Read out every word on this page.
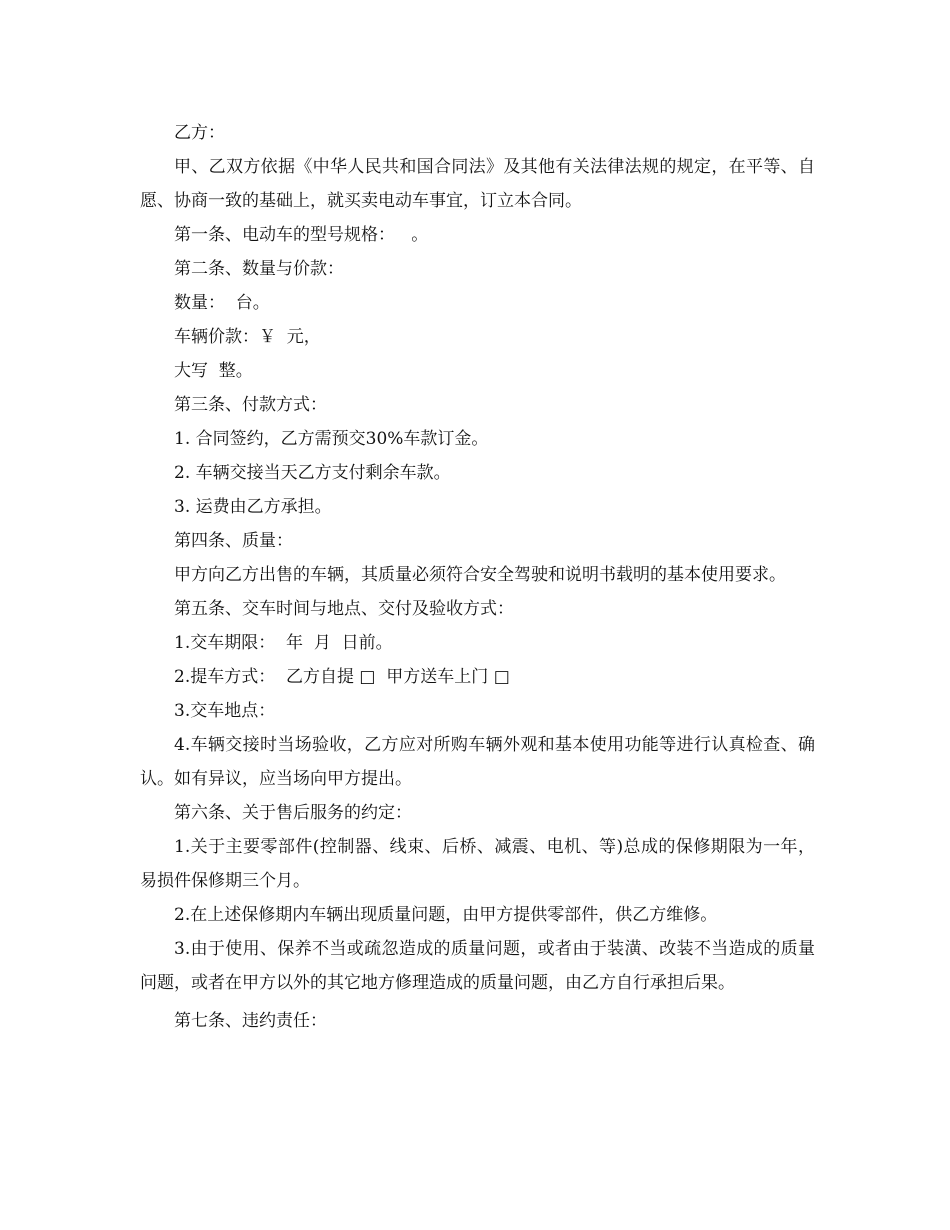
乙方：

甲、乙双方依据《中华人民共和国合同法》及其他有关法律法规的规定，在平等、自愿、协商一致的基础上，就买卖电动车事宜，订立本合同。

第一条、电动车的型号规格：   。

第二条、数量与价款：

数量：  台。

车辆价款：￥  元，

大写  整。

第三条、付款方式：

1. 合同签约，乙方需预交30%车款订金。

2. 车辆交接当天乙方支付剩余车款。

3. 运费由乙方承担。

第四条、质量：

甲方向乙方出售的车辆，其质量必须符合安全驾驶和说明书载明的基本使用要求。

第五条、交车时间与地点、交付及验收方式：

1.交车期限：  年  月  日前。

2.提车方式：  乙方自提 □  甲方送车上门 □

3.交车地点：

4.车辆交接时当场验收，乙方应对所购车辆外观和基本使用功能等进行认真检查、确认。如有异议，应当场向甲方提出。

第六条、关于售后服务的约定：

1.关于主要零部件(控制器、线束、后桥、减震、电机、等)总成的保修期限为一年，易损件保修期三个月。

2.在上述保修期内车辆出现质量问题，由甲方提供零部件，供乙方维修。

3.由于使用、保养不当或疏忽造成的质量问题，或者由于装潢、改装不当造成的质量问题，或者在甲方以外的其它地方修理造成的质量问题，由乙方自行承担后果。

第七条、违约责任：
